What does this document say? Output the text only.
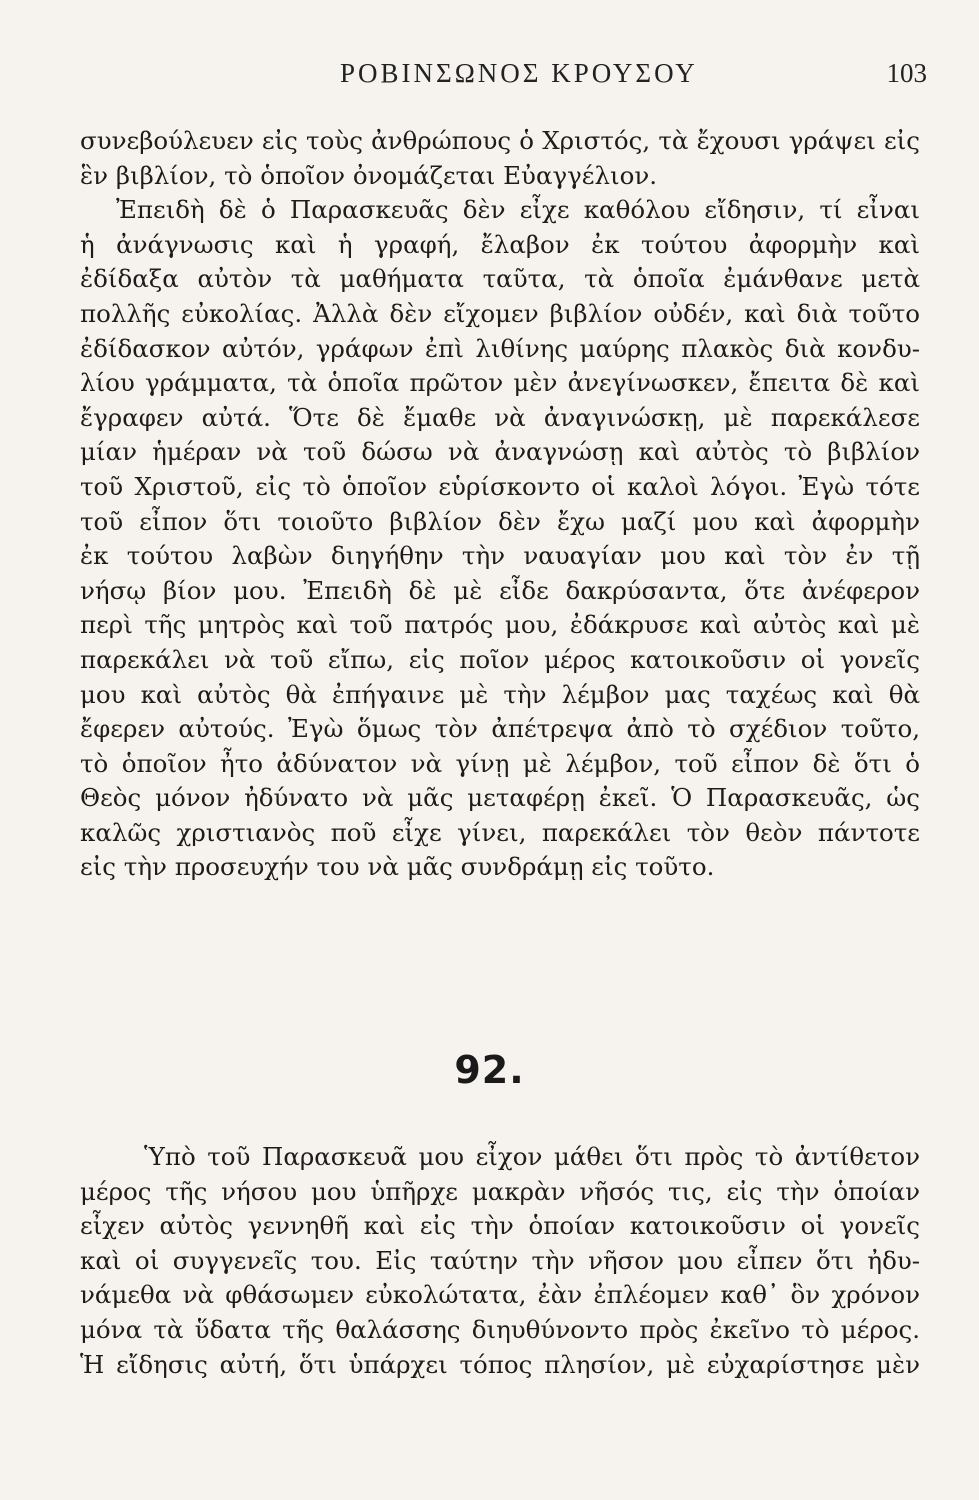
ΡΟΒΙΝΣΩΝΟΣ ΚΡΟΥΣΟΥ	103
συνεβούλευεν εἰς τοὺς ἀνθρώπους ὁ Χριστός, τὰ ἔχουσι γράψει εἰς
ἓν βιβλίον, τὸ ὁποῖον ὀνομάζεται Εὐαγγέλιον.
Ἐπειδὴ δὲ ὁ Παρασκευᾶς δὲν εἶχε καθόλου εἴδησιν, τί εἶναι
ἡ ἀνάγνωσις καὶ ἡ γραφή, ἔλαβον ἐκ τούτου ἀφορμὴν καὶ
ἐδίδαξα αὐτὸν τὰ μαθήματα ταῦτα, τὰ ὁποῖα ἐμάνθανε μετὰ
πολλῆς εὐκολίας. Ἀλλὰ δὲν εἴχομεν βιβλίον οὐδέν, καὶ διὰ τοῦτο
ἐδίδασκον αὐτόν, γράφων ἐπὶ λιθίνης μαύρης πλακὸς διὰ κονδυ-
λίου γράμματα, τὰ ὁποῖα πρῶτον μὲν ἀνεγίνωσκεν, ἔπειτα δὲ καὶ
ἔγραφεν αὐτά. Ὅτε δὲ ἔμαθε νὰ ἀναγινώσκῃ, μὲ παρεκάλεσε
μίαν ἡμέραν νὰ τοῦ δώσω νὰ ἀναγνώσῃ καὶ αὐτὸς τὸ βιβλίον
τοῦ Χριστοῦ, εἰς τὸ ὁποῖον εὑρίσκοντο οἱ καλοὶ λόγοι. Ἐγὼ τότε
τοῦ εἶπον ὅτι τοιοῦτο βιβλίον δὲν ἔχω μαζί μου καὶ ἀφορμὴν
ἐκ τούτου λαβὼν διηγήθην τὴν ναυαγίαν μου καὶ τὸν ἐν τῇ
νήσῳ βίον μου. Ἐπειδὴ δὲ μὲ εἶδε δακρύσαντα, ὅτε ἀνέφερον
περὶ τῆς μητρὸς καὶ τοῦ πατρός μου, ἐδάκρυσε καὶ αὐτὸς καὶ μὲ
παρεκάλει νὰ τοῦ εἴπω, εἰς ποῖον μέρος κατοικοῦσιν οἱ γονεῖς
μου καὶ αὐτὸς θὰ ἐπήγαινε μὲ τὴν λέμβον μας ταχέως καὶ θὰ
ἔφερεν αὐτούς. Ἐγὼ ὅμως τὸν ἀπέτρεψα ἀπὸ τὸ σχέδιον τοῦτο,
τὸ ὁποῖον ἦτο ἀδύνατον νὰ γίνῃ μὲ λέμβον, τοῦ εἶπον δὲ ὅτι ὁ
Θεὸς μόνον ἠδύνατο νὰ μᾶς μεταφέρῃ ἐκεῖ. Ὁ Παρασκευᾶς, ὡς
καλῶς χριστιανὸς ποῦ εἶχε γίνει, παρεκάλει τὸν θεὸν πάντοτε
εἰς τὴν προσευχήν του νὰ μᾶς συνδράμῃ εἰς τοῦτο.
92.
Ὑπὸ τοῦ Παρασκευᾶ μου εἶχον μάθει ὅτι πρὸς τὸ ἀντίθετον
μέρος τῆς νήσου μου ὑπῆρχε μακρὰν νῆσός τις, εἰς τὴν ὁποίαν
εἶχεν αὐτὸς γεννηθῆ καὶ εἰς τὴν ὁποίαν κατοικοῦσιν οἱ γονεῖς
καὶ οἱ συγγενεῖς του. Εἰς ταύτην τὴν νῆσον μου εἶπεν ὅτι ἠδυ-
νάμεθα νὰ φθάσωμεν εὐκολώτατα, ἐὰν ἐπλέομεν καθ᾽ ὃν χρόνον
μόνα τὰ ὕδατα τῆς θαλάσσης διηυθύνοντο πρὸς ἐκεῖνο τὸ μέρος.
Ἡ εἴδησις αὐτή, ὅτι ὑπάρχει τόπος πλησίον, μὲ εὐχαρίστησε μὲν
